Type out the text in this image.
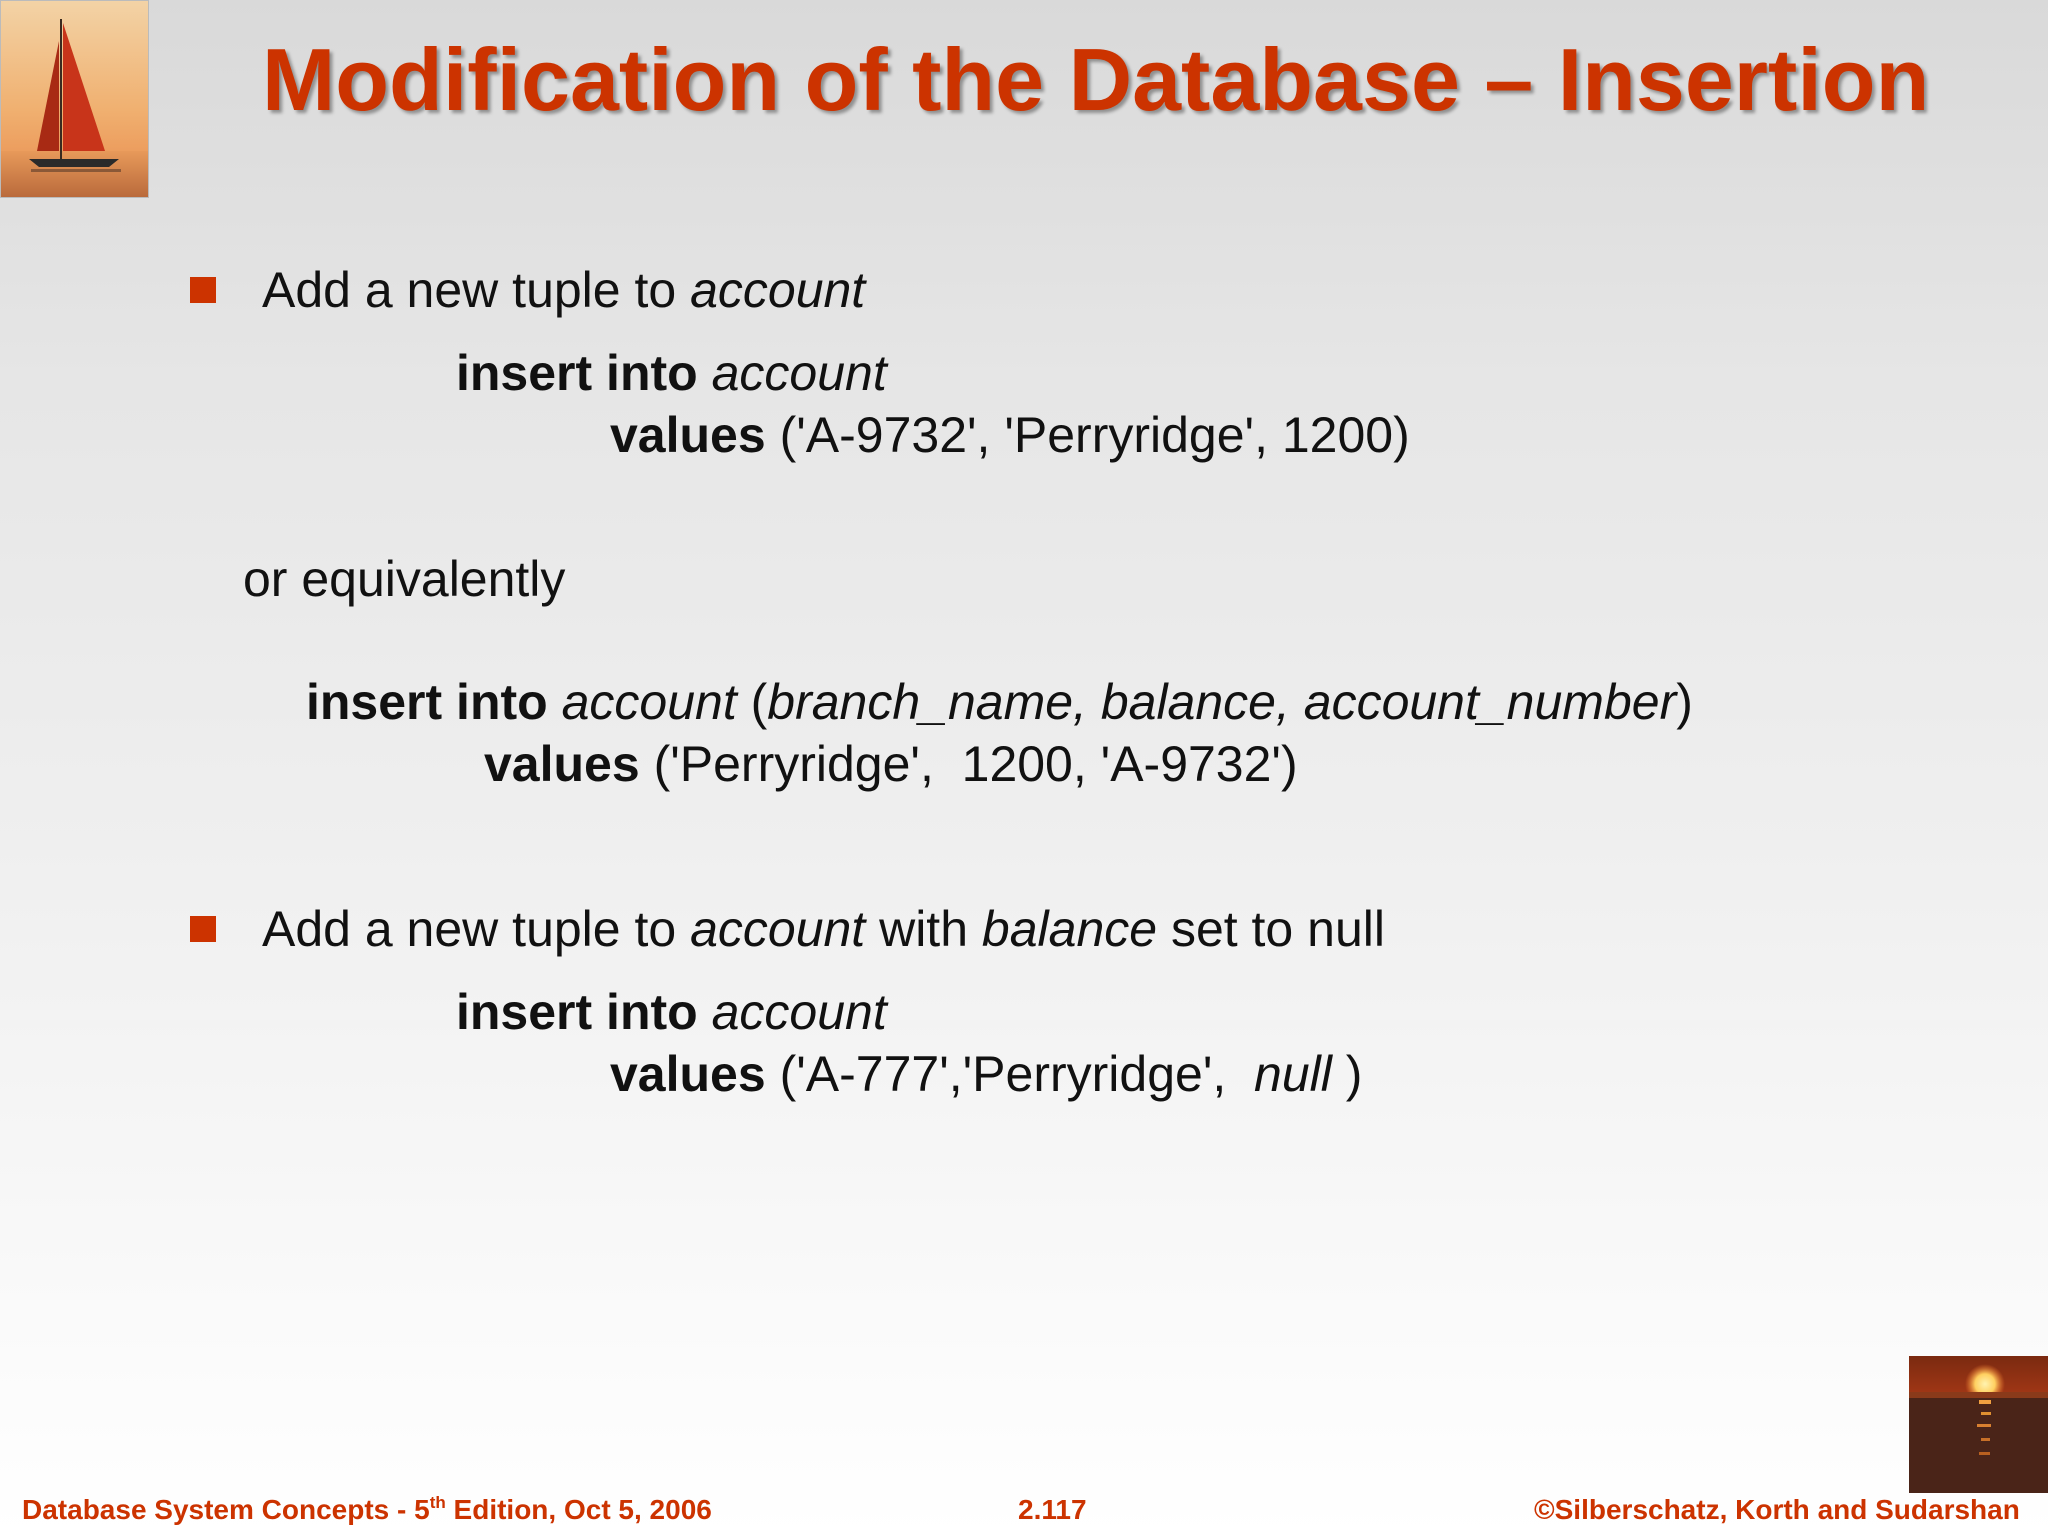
Modification of the Database – Insertion
Add a new tuple to account
insert into account
values ('A-9732', 'Perryridge', 1200)
or equivalently
insert into account (branch_name, balance, account_number)
values ('Perryridge',  1200, 'A-9732')
Add a new tuple to account with balance set to null
insert into account
values ('A-777','Perryridge',  null )
Database System Concepts - 5th Edition, Oct 5, 2006	2.117	©Silberschatz, Korth and Sudarshan
